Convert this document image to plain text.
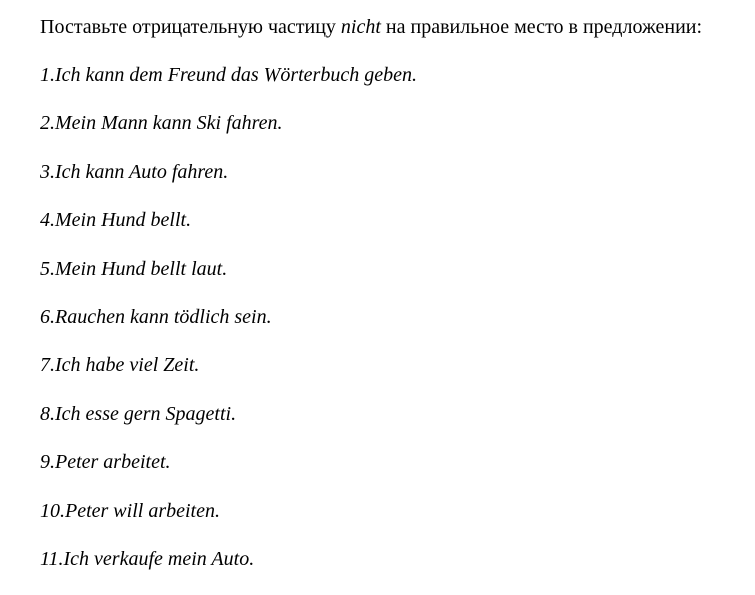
Поставьте отрицательную частицу nicht на правильное место в предложении:
1.Ich kann dem Freund das Wörterbuch geben.
2.Mein Mann kann Ski fahren.
3.Ich kann Auto fahren.
4.Mein Hund bellt.
5.Mein Hund bellt laut.
6.Rauchen kann tödlich sein.
7.Ich habe viel Zeit.
8.Ich esse gern Spagetti.
9.Peter arbeitet.
10.Peter will arbeiten.
11.Ich verkaufe mein Auto.
